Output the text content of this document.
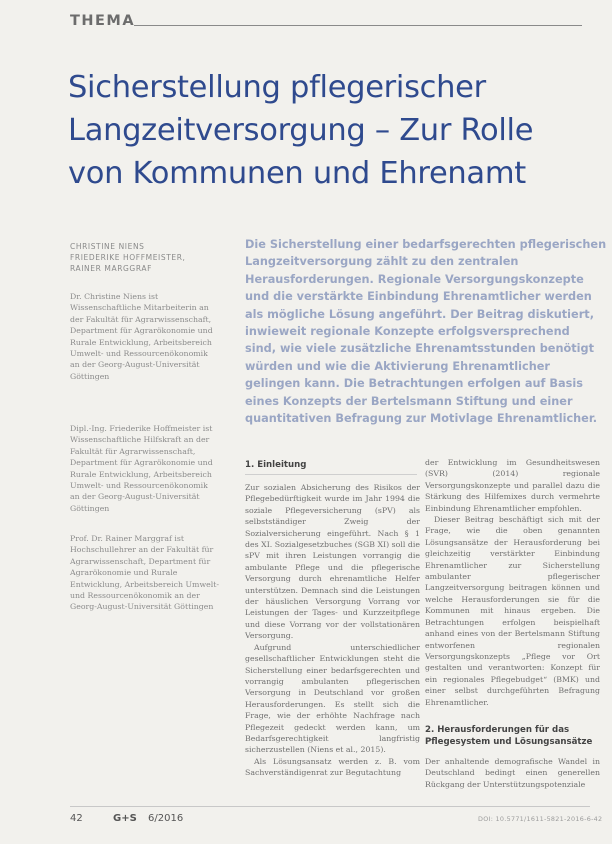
THEMA
Sicherstellung pflegerischer
Langzeitversorgung – Zur Rolle
von Kommunen und Ehrenamt
CHRISTINE NIENS
FRIEDERIKE HOFFMEISTER,
RAINER MARGGRAF
Dr. Christine Niens ist Wissenschaftliche Mitarbeiterin an der Fakultät für Agrarwissenschaft, Department für Agrarökonomie und Rurale Entwicklung, Arbeitsbereich Umwelt- und Ressourcenökonomik an der Georg-August-Universität Göttingen
Dipl.-Ing. Friederike Hoffmeister ist Wissenschaftliche Hilfskraft an der Fakultät für Agrarwissenschaft, Department für Agrarökonomie und Rurale Entwicklung, Arbeitsbereich Umwelt- und Ressourcenökonomik an der Georg-August-Universität Göttingen
Prof. Dr. Rainer Marggraf ist Hochschullehrer an der Fakultät für Agrarwissenschaft, Department für Agrarökonomie und Rurale Entwicklung, Arbeitsbereich Umwelt- und Ressourcenökonomik an der Georg-August-Universität Göttingen
Die Sicherstellung einer bedarfsgerechten pflegerischen
Langzeitversorgung zählt zu den zentralen
Herausforderungen. Regionale Versorgungskonzepte
und die verstärkte Einbindung Ehrenamtlicher werden
als mögliche Lösung angeführt. Der Beitrag diskutiert,
inwieweit regionale Konzepte erfolgsversprechend
sind, wie viele zusätzliche Ehrenamtsstunden benötigt
würden und wie die Aktivierung Ehrenamtlicher
gelingen kann. Die Betrachtungen erfolgen auf Basis
eines Konzepts der Bertelsmann Stiftung und einer
quantitativen Befragung zur Motivlage Ehrenamtlicher.
1. Einleitung

Zur sozialen Absicherung des Risikos der Pflegebedürftigkeit wurde im Jahr 1994 die soziale Pflegeversicherung (sPV) als selbstständiger Zweig der Sozialversicherung eingeführt. Nach § 1 des XI. Sozialgesetzbuches (SGB XI) soll die sPV mit ihren Leistungen vorrangig die ambulante Pflege und die pflegerische Versorgung durch ehrenamtliche Helfer unterstützen. Demnach sind die Leistungen der häuslichen Versorgung Vorrang vor Leistungen der Tages- und Kurzzeitpflege und diese Vorrang vor der vollstationären Versorgung.

Aufgrund unterschiedlicher gesellschaftlicher Entwicklungen steht die Sicherstellung einer bedarfsgerechten und vorrangig ambulanten pflegerischen Versorgung in Deutschland vor großen Herausforderungen. Es stellt sich die Frage, wie der erhöhte Nachfrage nach Pflegezeit gedeckt werden kann, um Bedarfsgerechtigkeit langfristig sicherzustellen (Niens et al., 2015).

Als Lösungsansatz werden z. B. vom Sachverständigenrat zur Begutachtung

der Entwicklung im Gesundheitswesen (SVR) (2014) regionale Versorgungskonzepte und parallel dazu die Stärkung des Hilfemixes durch vermehrte Einbindung Ehrenamtlicher empfohlen.

Dieser Beitrag beschäftigt sich mit der Frage, wie die oben genannten Lösungsansätze der Herausforderung bei gleichzeitig verstärkter Einbindung Ehrenamtlicher zur Sicherstellung ambulanter pflegerischer Langzeitversorgung beitragen können und welche Herausforderungen sie für die Kommunen mit hinaus ergeben. Die Betrachtungen erfolgen beispielhaft anhand eines von der Bertelsmann Stiftung entworfenen regionalen Versorgungskonzepts „Pflege vor Ort gestalten und verantworten: Konzept für ein regionales Pflegebudget“ (BMK) und einer selbst durchgeführten Befragung Ehrenamtlicher.

2. Herausforderungen für das Pflegesystem und Lösungsansätze

Der anhaltende demografische Wandel in Deutschland bedingt einen generellen Rückgang der Unterstützungspotenziale

42	G+S 6/2016	DOI: 10.5771/1611-5821-2016-6-42
